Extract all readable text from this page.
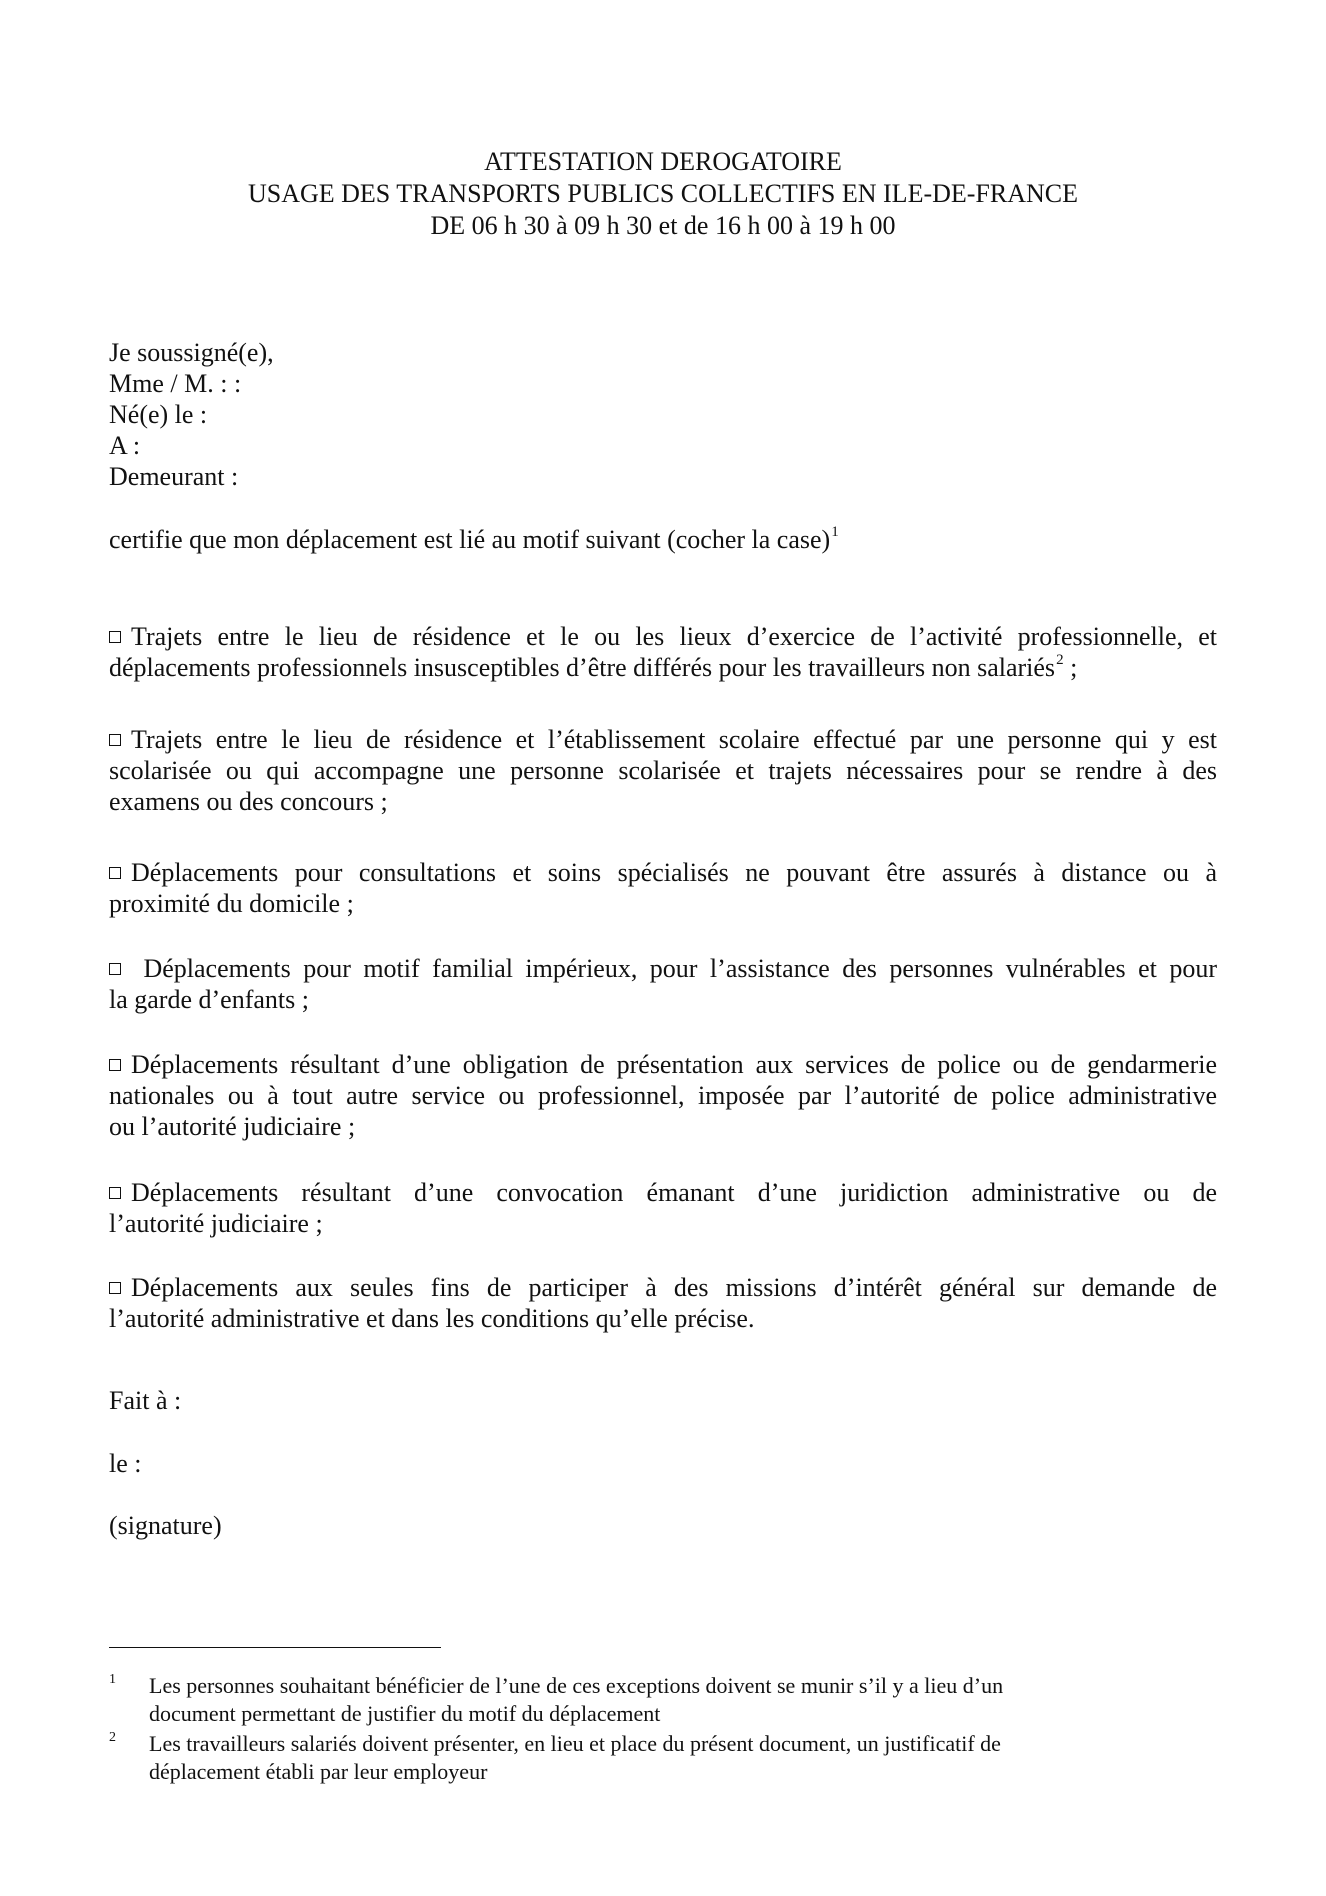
ATTESTATION DEROGATOIRE
USAGE DES TRANSPORTS PUBLICS COLLECTIFS EN ILE-DE-FRANCE
DE 06 h 30 à 09 h 30 et de 16 h 00 à 19 h 00
Je soussigné(e),
Mme / M. : :
Né(e) le :
A :
Demeurant :
certifie que mon déplacement est lié au motif suivant (cocher la case)$^1$
Trajets entre le lieu de résidence et le ou les lieux d’exercice de l’activité professionnelle, et
déplacements professionnels insusceptibles d’être différés pour les travailleurs non salariés$^2$ ;
Trajets entre le lieu de résidence et l’établissement scolaire effectué par une personne qui y est
scolarisée ou qui accompagne une personne scolarisée et trajets nécessaires pour se rendre à des
examens ou des concours ;
Déplacements pour consultations et soins spécialisés ne pouvant être assurés à distance ou à
proximité du domicile ;
Déplacements pour motif familial impérieux, pour l’assistance des personnes vulnérables et pour
la garde d’enfants ;
Déplacements résultant d’une obligation de présentation aux services de police ou de gendarmerie
nationales ou à tout autre service ou professionnel, imposée par l’autorité de police administrative
ou l’autorité judiciaire ;
Déplacements résultant d’une convocation émanant d’une juridiction administrative ou de
l’autorité judiciaire ;
Déplacements aux seules fins de participer à des missions d’intérêt général sur demande de
l’autorité administrative et dans les conditions qu’elle précise.
Fait à :
le :
(signature)
1 Les personnes souhaitant bénéficier de l’une de ces exceptions doivent se munir s’il y a lieu d’un
document permettant de justifier du motif du déplacement
2 Les travailleurs salariés doivent présenter, en lieu et place du présent document, un justificatif de
déplacement établi par leur employeur
